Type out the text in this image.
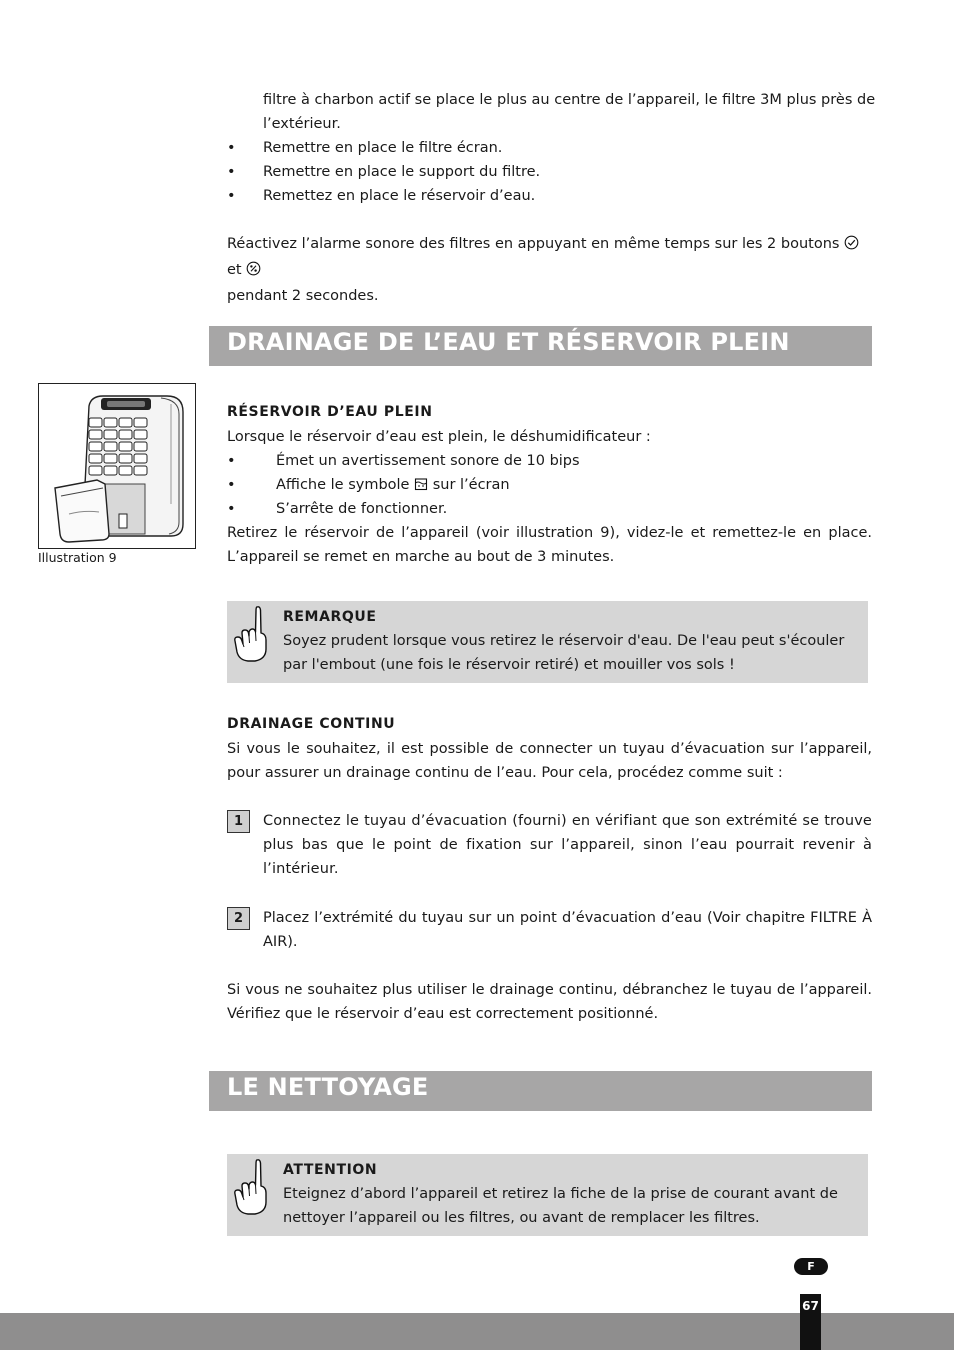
filtre à charbon actif se place le plus au centre de l’appareil, le filtre 3M plus près de
l’extérieur.
• Remettre en place le filtre écran.
• Remettre en place le support du filtre.
• Remettez en place le réservoir d’eau.
Réactivez l’alarme sonore des filtres en appuyant en même temps sur les 2 boutons et
pendant 2 secondes.
DRAINAGE DE L’EAU ET RÉSERVOIR PLEIN
Illustration 9
RÉSERVOIR D’EAU PLEIN
Lorsque le réservoir d’eau est plein, le déshumidificateur :
•	Émet un avertissement sonore de 10 bips
•	Affiche le symbole  sur l’écran
•	S’arrête de fonctionner.
Retirez le réservoir de l’appareil (voir illustration 9), videz-le et remettez-le en place.
L’appareil se remet en marche au bout de 3 minutes.
REMARQUE
Soyez prudent lorsque vous retirez le réservoir d'eau. De l'eau peut s'écouler par l'embout (une fois le réservoir retiré) et mouiller vos sols !
DRAINAGE CONTINU
Si vous le souhaitez, il est possible de connecter un tuyau d’évacuation sur l’appareil, pour assurer un drainage continu de l’eau. Pour cela, procédez comme suit :
1	Connectez le tuyau d’évacuation (fourni) en vérifiant que son extrémité se trouve plus bas que le point de fixation sur l’appareil, sinon l’eau pourrait revenir à l’intérieur.
2	Placez l’extrémité du tuyau sur un point d’évacuation d’eau (Voir chapitre FILTRE À AIR).
Si vous ne souhaitez plus utiliser le drainage continu, débranchez le tuyau de l’appareil. Vérifiez que le réservoir d’eau est correctement positionné.
LE NETTOYAGE
ATTENTION
Eteignez d’abord l’appareil et retirez la fiche de la prise de courant avant de nettoyer l’appareil ou les filtres, ou avant de remplacer les filtres.
F
67
